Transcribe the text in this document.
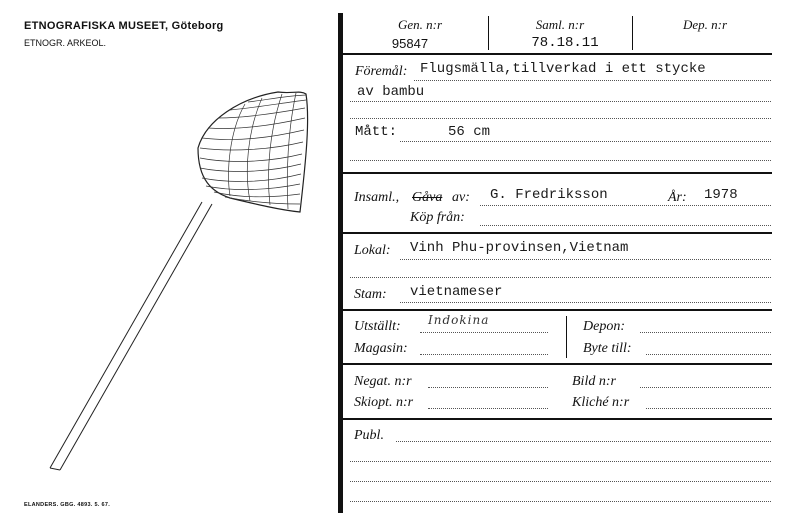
ETNOGRAFISKA MUSEET, Göteborg
ETNOGR. ARKEOL.
ELANDERS. GBG. 4893. 5. 67.
Gen. n:r
95847
Saml. n:r
78.18.11
Dep. n:r
Föremål: Flugsmälla,tillverkad i ett stycke
av bambu
Mått:	56 cm
Insaml., Gåva av: G. Fredriksson	År: 1978
Köp från:
Lokal: Vinh Phu-provinsen,Vietnam
Stam: vietnameser
Utställt: Indokina	Depon:
Magasin:	Byte till:
Negat. n:r	Bild n:r
Skiopt. n:r	Kliché n:r
Publ.
